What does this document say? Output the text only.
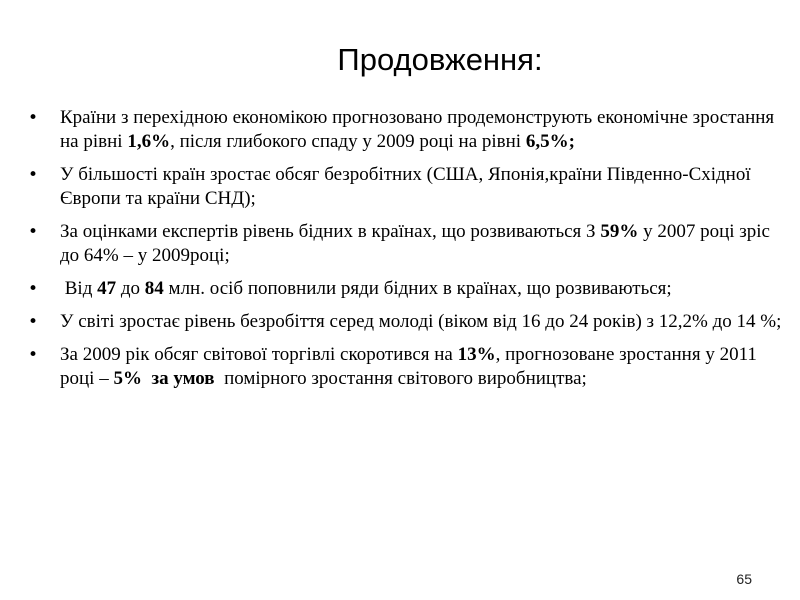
Продовження:
• Країни з перехідною економікою прогнозовано продемонструють економічне зростання на рівні 1,6%, після глибокого спаду у 2009 році на рівні 6,5%;
• У більшості країн зростає обсяг безробітних (США, Японія,країни Південно-Східної Європи та країни СНД);
• За оцінками експертів рівень бідних в країнах, що розвиваються З 59% у 2007 році зріс до 64% – у 2009році;
• Від 47 до 84 млн. осіб поповнили ряди бідних в країнах, що розвиваються;
• У світі зростає рівень безробіття серед молоді (віком від 16 до 24 років) з 12,2% до 14 %;
• За 2009 рік обсяг світової торгівлі скоротився на 13%, прогнозоване зростання у 2011 році – 5%  за умов  помірного зростання світового виробництва;
65
